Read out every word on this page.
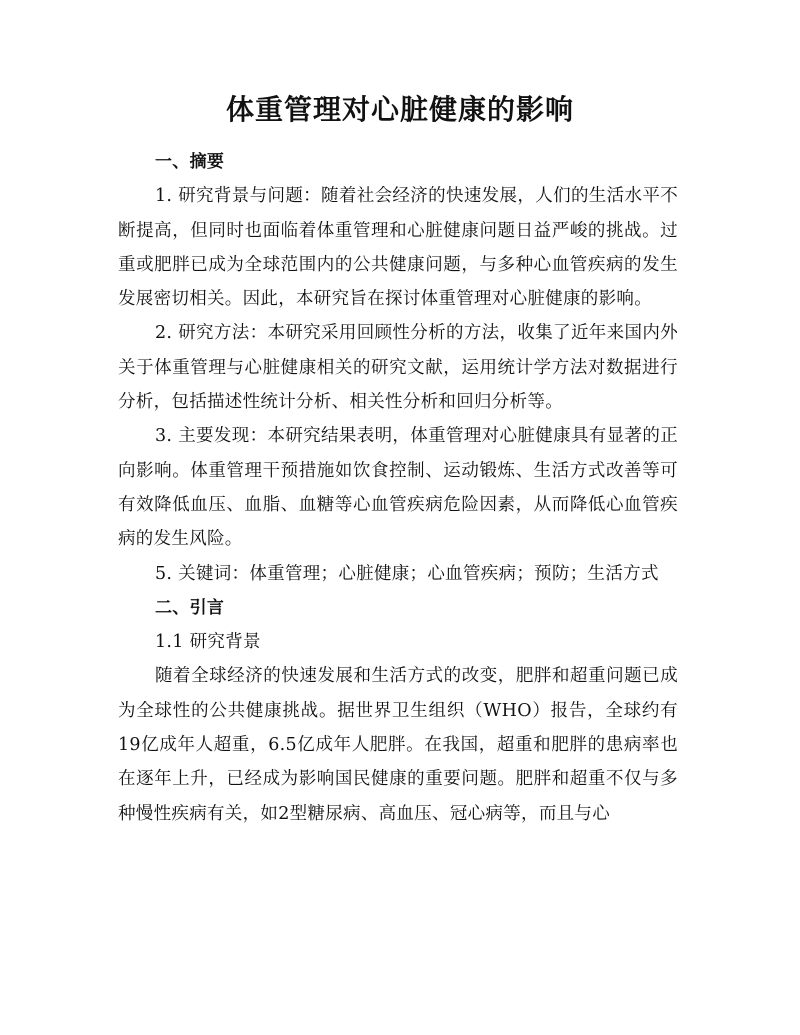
体重管理对心脏健康的影响

一、摘要

1. 研究背景与问题：随着社会经济的快速发展，人们的生活水平不断提高，但同时也面临着体重管理和心脏健康问题日益严峻的挑战。过重或肥胖已成为全球范围内的公共健康问题，与多种心血管疾病的发生发展密切相关。因此，本研究旨在探讨体重管理对心脏健康的影响。

2. 研究方法：本研究采用回顾性分析的方法，收集了近年来国内外关于体重管理与心脏健康相关的研究文献，运用统计学方法对数据进行分析，包括描述性统计分析、相关性分析和回归分析等。

3. 主要发现：本研究结果表明，体重管理对心脏健康具有显著的正向影响。体重管理干预措施如饮食控制、运动锻炼、生活方式改善等可有效降低血压、血脂、血糖等心血管疾病危险因素，从而降低心血管疾病的发生风险。

5. 关键词：体重管理；心脏健康；心血管疾病；预防；生活方式

二、引言

1.1 研究背景

随着全球经济的快速发展和生活方式的改变，肥胖和超重问题已成为全球性的公共健康挑战。据世界卫生组织（WHO）报告，全球约有19亿成年人超重，6.5亿成年人肥胖。在我国，超重和肥胖的患病率也在逐年上升，已经成为影响国民健康的重要问题。肥胖和超重不仅与多种慢性疾病有关，如2型糖尿病、高血压、冠心病等，而且与心
